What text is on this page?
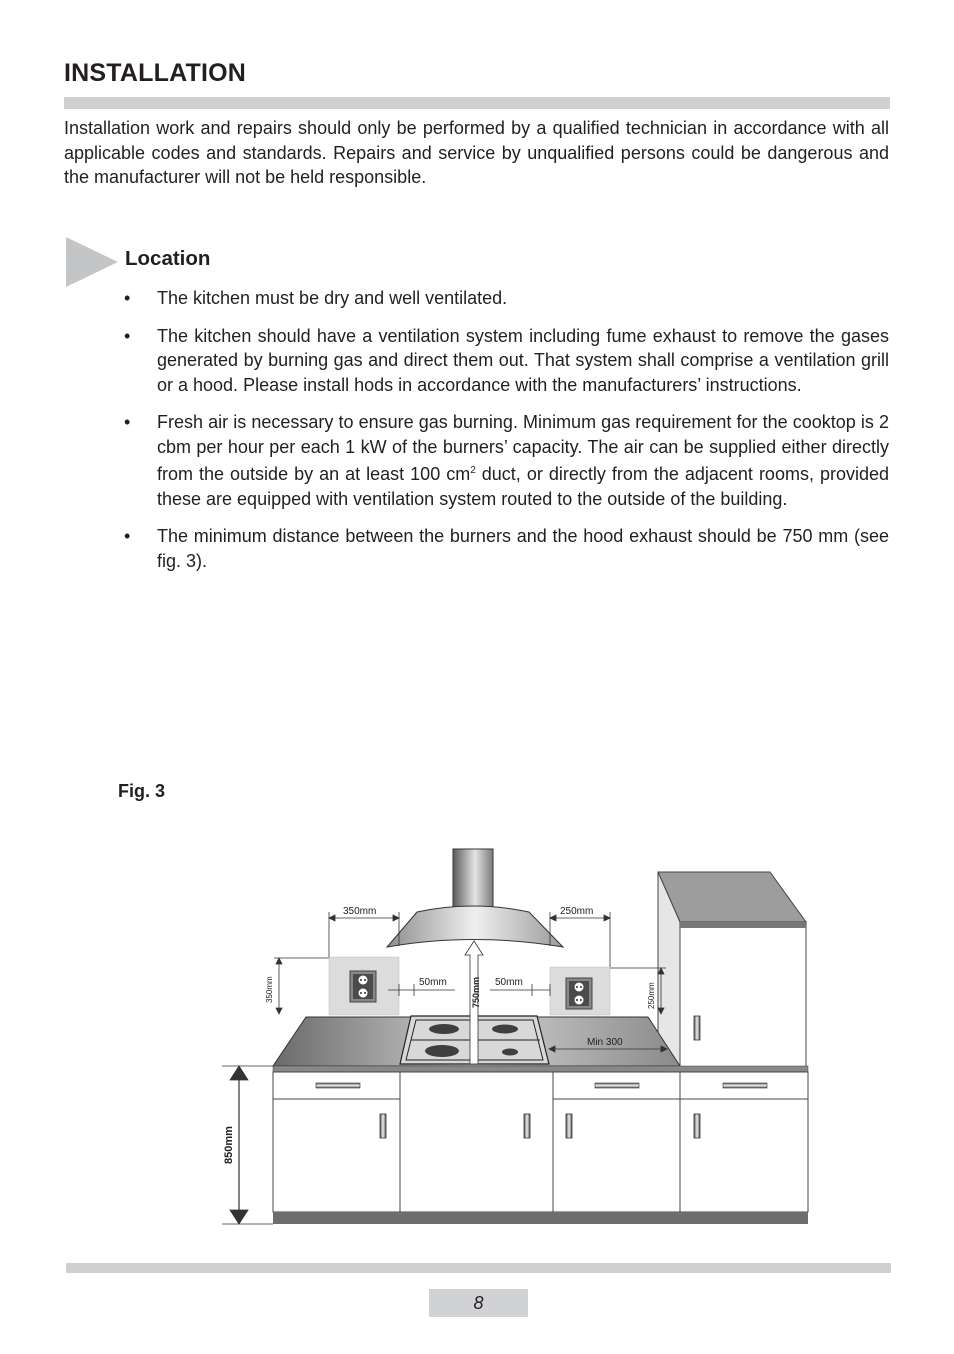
INSTALLATION
Installation work and repairs should only be performed by a qualified technician in accordance with all applicable codes and standards. Repairs and service by unqualified persons could be dangerous and the manufacturer will not be held responsible.
Location
• The kitchen must be dry and well ventilated.
• The kitchen should have a ventilation system including fume exhaust to remove the gases generated by burning gas and direct them out. That system shall comprise a ventilation grill or a hood. Please install hods in accordance with the manufacturers’ instructions.
• Fresh air is necessary to ensure gas burning. Minimum gas requirement for the cooktop is 2 cbm per hour per each 1 kW of the burners’ capacity. The air can be supplied either directly from the outside by an at least 100 $cm^2$ duct, or directly from the adjacent rooms, provided these are equipped with ventilation system routed to the outside of the building.
• The minimum distance between the burners and the hood exhaust should be 750 mm (see fig. 3).
Fig. 3
350mm	250mm
350mm	250mm
50mm	50mm
750mm
Min 300
850mm
8
